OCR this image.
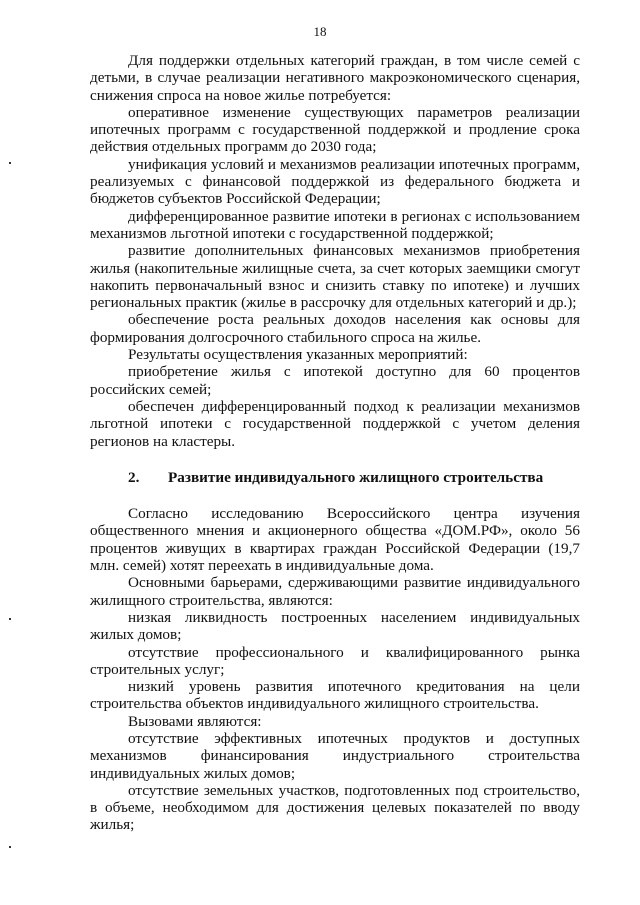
18

Для поддержки отдельных категорий граждан, в том числе семей с детьми, в случае реализации негативного макроэкономического сценария, снижения спроса на новое жилье потребуется:

оперативное изменение существующих параметров реализации ипотечных программ с государственной поддержкой и продление срока действия отдельных программ до 2030 года;

унификация условий и механизмов реализации ипотечных программ, реализуемых с финансовой поддержкой из федерального бюджета и бюджетов субъектов Российской Федерации;

дифференцированное развитие ипотеки в регионах с использованием механизмов льготной ипотеки с государственной поддержкой;

развитие дополнительных финансовых механизмов приобретения жилья (накопительные жилищные счета, за счет которых заемщики смогут накопить первоначальный взнос и снизить ставку по ипотеке) и лучших региональных практик (жилье в рассрочку для отдельных категорий и др.);

обеспечение роста реальных доходов населения как основы для формирования долгосрочного стабильного спроса на жилье.

Результаты осуществления указанных мероприятий:

приобретение жилья с ипотекой доступно для 60 процентов российских семей;

обеспечен дифференцированный подход к реализации механизмов льготной ипотеки с государственной поддержкой с учетом деления регионов на кластеры.

2. Развитие индивидуального жилищного строительства

Согласно исследованию Всероссийского центра изучения общественного мнения и акционерного общества «ДОМ.РФ», около 56 процентов живущих в квартирах граждан Российской Федерации (19,7 млн. семей) хотят переехать в индивидуальные дома.

Основными барьерами, сдерживающими развитие индивидуального жилищного строительства, являются:

низкая ликвидность построенных населением индивидуальных жилых домов;

отсутствие профессионального и квалифицированного рынка строительных услуг;

низкий уровень развития ипотечного кредитования на цели строительства объектов индивидуального жилищного строительства.

Вызовами являются:

отсутствие эффективных ипотечных продуктов и доступных механизмов финансирования индустриального строительства индивидуальных жилых домов;

отсутствие земельных участков, подготовленных под строительство, в объеме, необходимом для достижения целевых показателей по вводу жилья;
